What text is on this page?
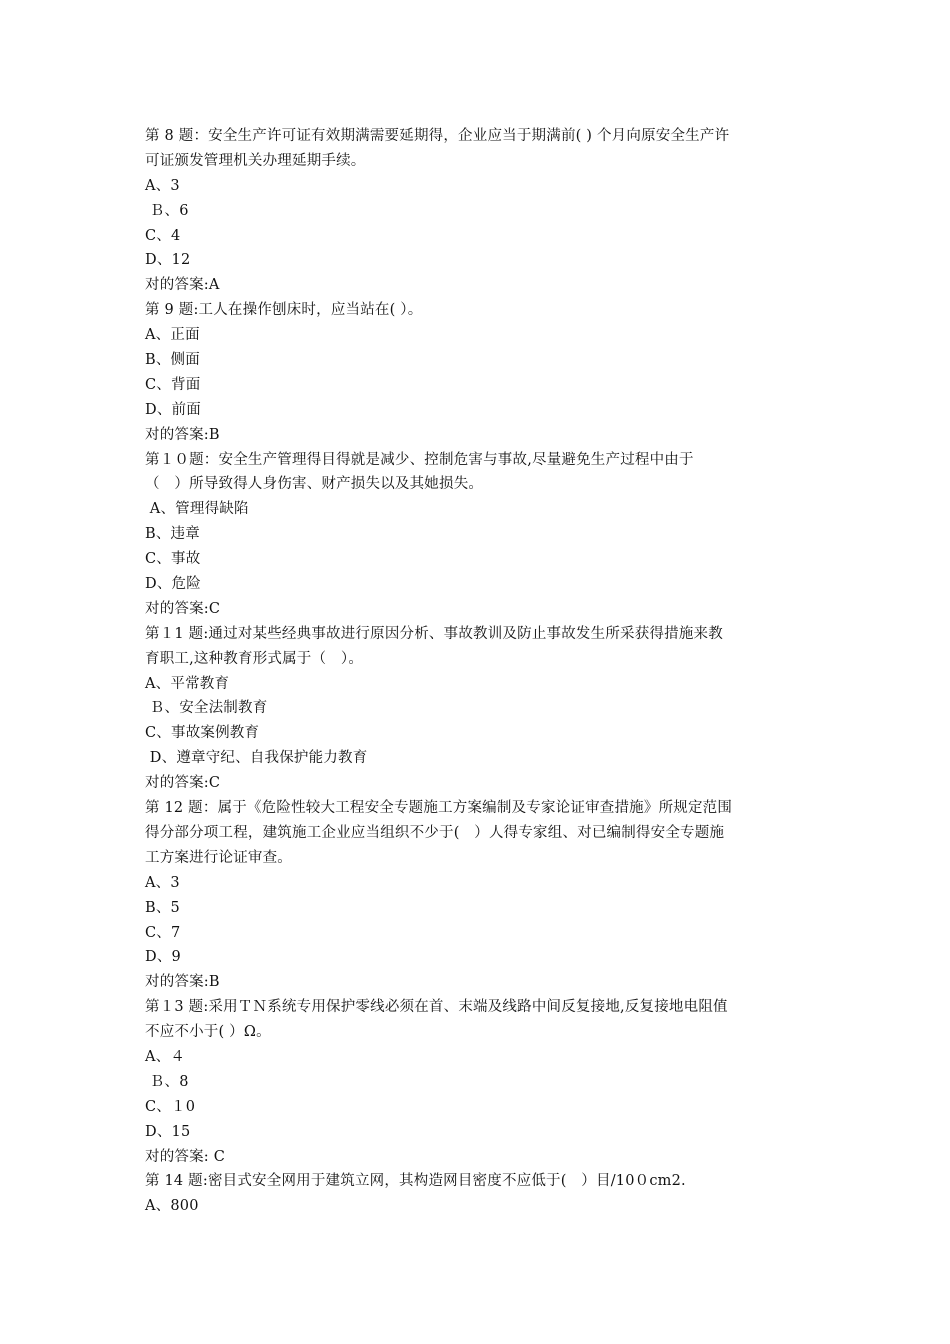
第 8 题：安全生产许可证有效期满需要延期得，企业应当于期满前( ) 个月向原安全生产许
可证颁发管理机关办理延期手续。
A、3
Ｂ、6
C、4
D、12
对的答案:A
第 9 题:工人在操作刨床时，应当站在( ）。
A、正面
B、侧面
C、背面
D、前面
对的答案:B
第１０题：安全生产管理得目得就是减少、控制危害与事故,尽量避免生产过程中由于
（　）所导致得人身伤害、财产损失以及其她损失。
A、管理得缺陷
B、违章
C、事故
D、危险
对的答案:C
第１1 题:通过对某些经典事故进行原因分析、事故教训及防止事故发生所采获得措施来教
育职工,这种教育形式属于（　）。
A、平常教育
Ｂ、安全法制教育
C、事故案例教育
D、遵章守纪、自我保护能力教育
对的答案:C
第 12 题：属于《危险性较大工程安全专题施工方案编制及专家论证审查措施》所规定范围
得分部分项工程，建筑施工企业应当组织不少于(　）人得专家组、对已编制得安全专题施
工方案进行论证审查。
A、3
B、5
C、7
D、9
对的答案:B
第１3 题:采用ＴＮ系统专用保护零线必须在首、末端及线路中间反复接地,反复接地电阻值
不应不小于( ）Ω。
A、４
Ｂ、8
C、１0
D、15
对的答案: C
第 14 题:密目式安全网用于建筑立网，其构造网目密度不应低于(　）目/10０cm2.
A、800
